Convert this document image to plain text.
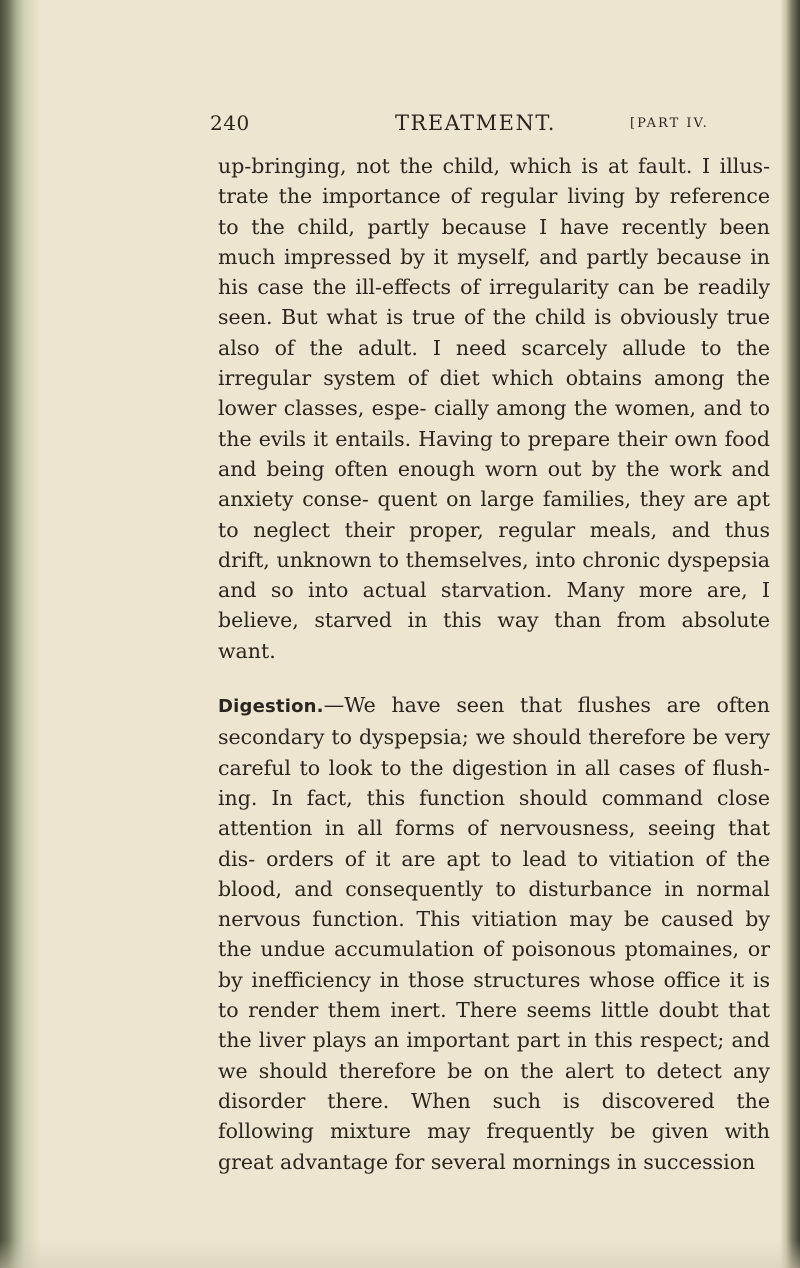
240	TREATMENT.	[PART IV.

up-bringing, not the child, which is at fault. I illus- trate the importance of regular living by reference to the child, partly because I have recently been much impressed by it myself, and partly because in his case the ill-effects of irregularity can be readily seen. But what is true of the child is obviously true also of the adult. I need scarcely allude to the irregular system of diet which obtains among the lower classes, espe- cially among the women, and to the evils it entails. Having to prepare their own food and being often enough worn out by the work and anxiety conse- quent on large families, they are apt to neglect their proper, regular meals, and thus drift, unknown to themselves, into chronic dyspepsia and so into actual starvation. Many more are, I believe, starved in this way than from absolute want.

Digestion.—We have seen that flushes are often secondary to dyspepsia; we should therefore be very careful to look to the digestion in all cases of flush- ing. In fact, this function should command close attention in all forms of nervousness, seeing that dis- orders of it are apt to lead to vitiation of the blood, and consequently to disturbance in normal nervous function. This vitiation may be caused by the undue accumulation of poisonous ptomaines, or by inefficiency in those structures whose office it is to render them inert. There seems little doubt that the liver plays an important part in this respect; and we should therefore be on the alert to detect any disorder there. When such is discovered the following mixture may frequently be given with great advantage for several mornings in succession
